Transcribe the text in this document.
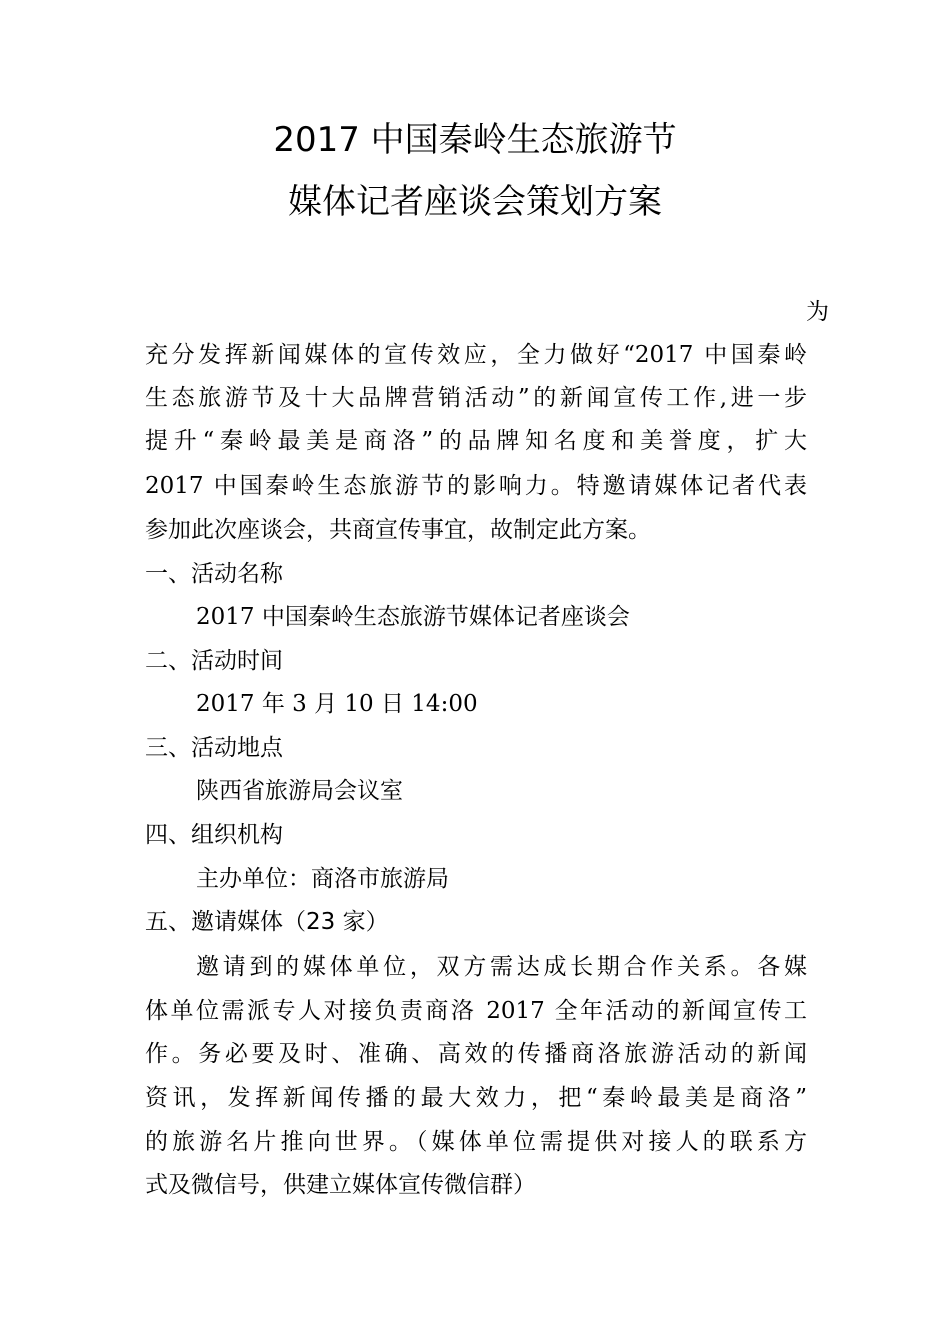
2017 中国秦岭生态旅游节
媒体记者座谈会策划方案
为
充分发挥新闻媒体的宣传效应，全力做好“2017 中国秦岭
生态旅游节及十大品牌营销活动”的新闻宣传工作,进一步
提升“秦岭最美是商洛”的品牌知名度和美誉度，扩大
2017 中国秦岭生态旅游节的影响力。特邀请媒体记者代表
参加此次座谈会，共商宣传事宜，故制定此方案。
一、活动名称
2017 中国秦岭生态旅游节媒体记者座谈会
二、活动时间
2017 年 3 月 10 日 14:00
三、活动地点
陕西省旅游局会议室
四、组织机构
主办单位：商洛市旅游局
五、邀请媒体（23 家）
邀请到的媒体单位，双方需达成长期合作关系。各媒
体单位需派专人对接负责商洛 2017 全年活动的新闻宣传工
作。务必要及时、准确、高效的传播商洛旅游活动的新闻
资讯，发挥新闻传播的最大效力，把“秦岭最美是商洛”
的旅游名片推向世界。（媒体单位需提供对接人的联系方
式及微信号，供建立媒体宣传微信群）
